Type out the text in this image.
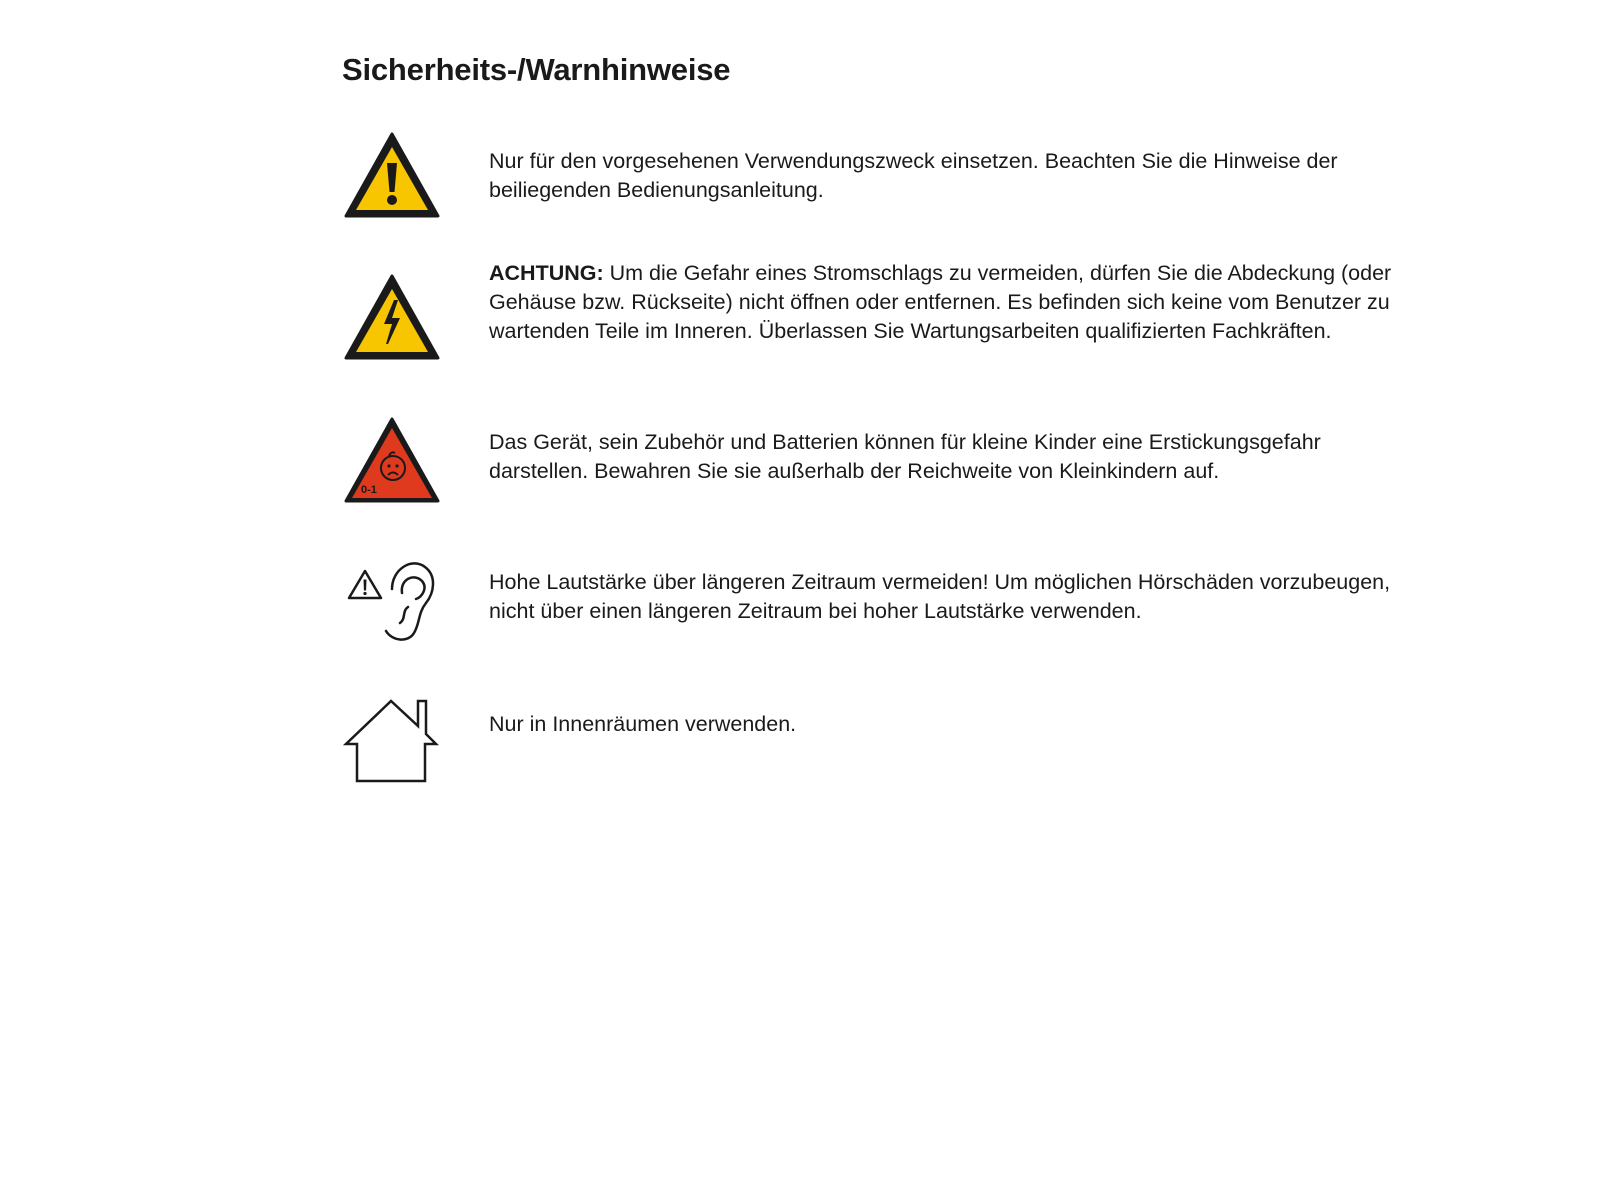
Sicherheits-/Warnhinweise

Nur für den vorgesehenen Verwendungszweck einsetzen. Beachten Sie die Hinweise der beiliegenden Bedienungsanleitung.

ACHTUNG: Um die Gefahr eines Stromschlags zu vermeiden, dürfen Sie die Abdeckung (oder Gehäuse bzw. Rückseite) nicht öffnen oder entfernen. Es befinden sich keine vom Benutzer zu wartenden Teile im Inneren. Überlassen Sie Wartungsarbeiten qualifizierten Fachkräften.

0-1

Das Gerät, sein Zubehör und Batterien können für kleine Kinder eine Erstickungsgefahr darstellen. Bewahren Sie sie außerhalb der Reichweite von Kleinkindern auf.

Hohe Lautstärke über längeren Zeitraum vermeiden! Um möglichen Hörschäden vorzubeugen, nicht über einen längeren Zeitraum bei hoher Lautstärke verwenden.

Nur in Innenräumen verwenden.
